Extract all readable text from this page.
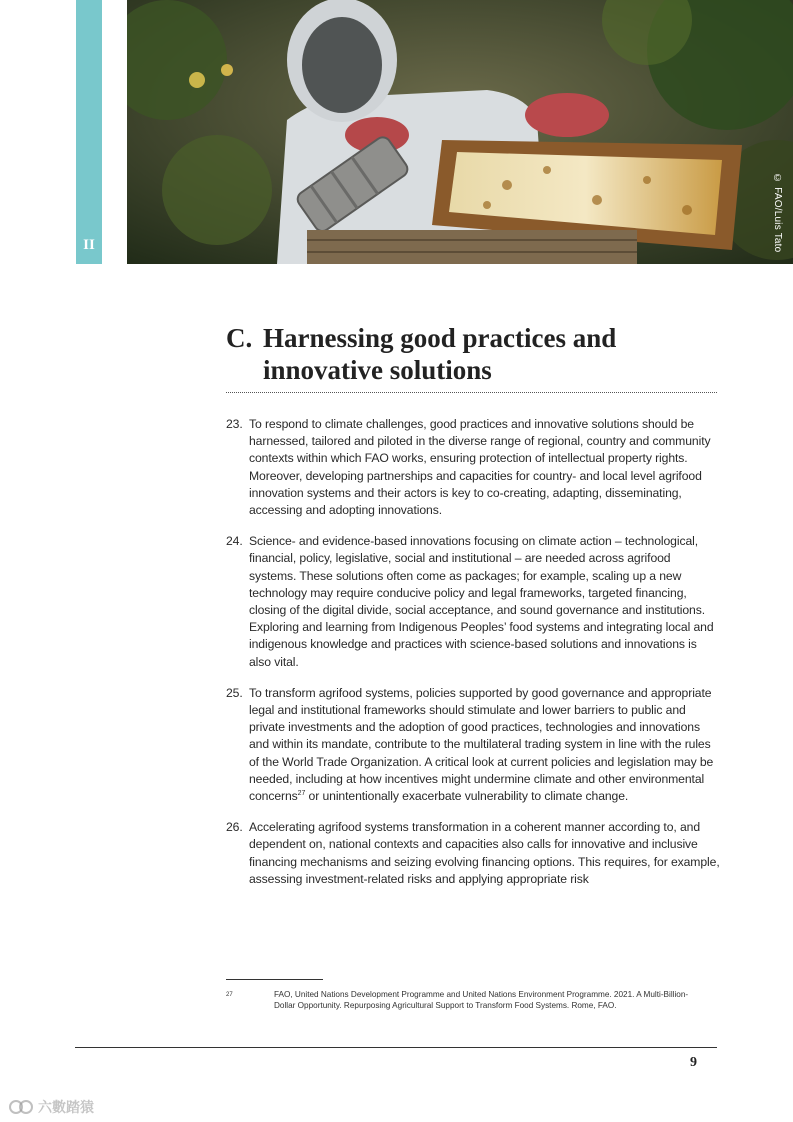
II	© FAO/Luis Tato
C. Harnessing good practices and innovative solutions
23. To respond to climate challenges, good practices and innovative solutions should be harnessed, tailored and piloted in the diverse range of regional, country and community contexts within which FAO works, ensuring protection of intellectual property rights. Moreover, developing partnerships and capacities for country- and local level agrifood innovation systems and their actors is key to co-creating, adapting, disseminating, accessing and adopting innovations.
24. Science- and evidence-based innovations focusing on climate action – technological, financial, policy, legislative, social and institutional – are needed across agrifood systems. These solutions often come as packages; for example, scaling up a new technology may require conducive policy and legal frameworks, targeted financing, closing of the digital divide, social acceptance, and sound governance and institutions. Exploring and learning from Indigenous Peoples’ food systems and integrating local and indigenous knowledge and practices with science-based solutions and innovations is also vital.
25. To transform agrifood systems, policies supported by good governance and appropriate legal and institutional frameworks should stimulate and lower barriers to public and private investments and the adoption of good practices, technologies and innovations and within its mandate, contribute to the multilateral trading system in line with the rules of the World Trade Organization. A critical look at current policies and legislation may be needed, including at how incentives might undermine climate and other environmental concerns$^{27}$ or unintentionally exacerbate vulnerability to climate change.
26. Accelerating agrifood systems transformation in a coherent manner according to, and dependent on, national contexts and capacities also calls for innovative and inclusive financing mechanisms and seizing evolving financing options. This requires, for example, assessing investment-related risks and applying appropriate risk
27	FAO, United Nations Development Programme and United Nations Environment Programme. 2021. A Multi-Billion-Dollar Opportunity. Repurposing Agricultural Support to Transform Food Systems. Rome, FAO.
9
六數踏猿
